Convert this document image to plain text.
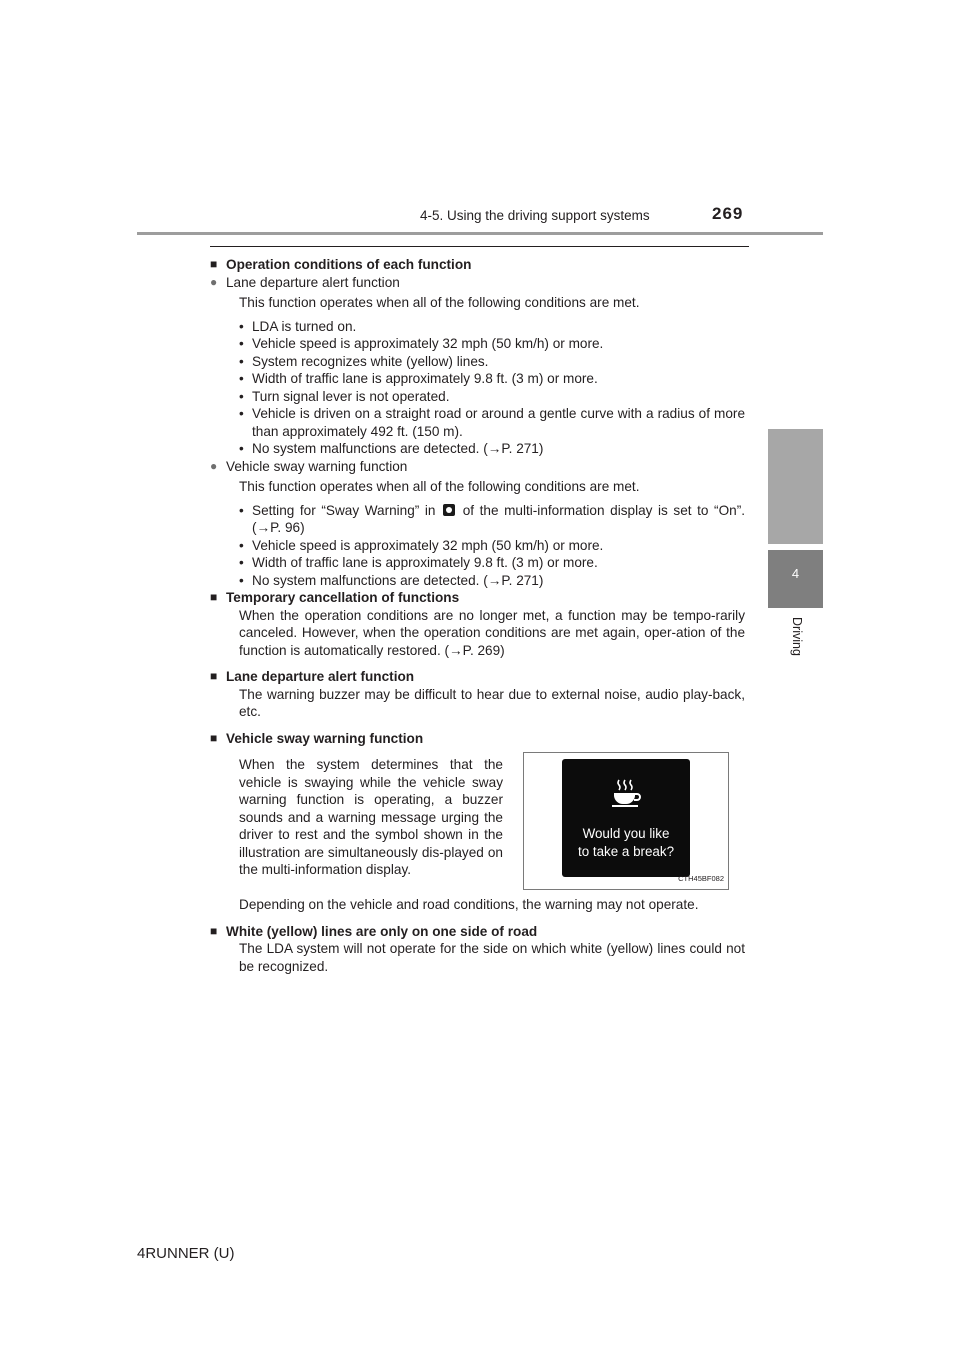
4-5. Using the driving support systems	269
4
Driving
■ Operation conditions of each function
● Lane departure alert function
This function operates when all of the following conditions are met.
• LDA is turned on.
• Vehicle speed is approximately 32 mph (50 km/h) or more.
• System recognizes white (yellow) lines.
• Width of traffic lane is approximately 9.8 ft. (3 m) or more.
• Turn signal lever is not operated.
• Vehicle is driven on a straight road or around a gentle curve with a radius of more than approximately 492 ft. (150 m).
• No system malfunctions are detected. (→P. 271)
● Vehicle sway warning function
This function operates when all of the following conditions are met.
• Setting for “Sway Warning” in of the multi-information display is set to “On”. (→P. 96)
• Vehicle speed is approximately 32 mph (50 km/h) or more.
• Width of traffic lane is approximately 9.8 ft. (3 m) or more.
• No system malfunctions are detected. (→P. 271)
■ Temporary cancellation of functions
When the operation conditions are no longer met, a function may be tempo-rarily canceled. However, when the operation conditions are met again, oper-ation of the function is automatically restored. (→P. 269)
■ Lane departure alert function
The warning buzzer may be difficult to hear due to external noise, audio play-back, etc.
■ Vehicle sway warning function
When the system determines that the vehicle is swaying while the vehicle sway warning function is operating, a buzzer sounds and a warning message urging the driver to rest and the symbol shown in the illustration are simultaneously dis-played on the multi-information display.
Would you like
to take a break?
CTH45BF082
Depending on the vehicle and road conditions, the warning may not operate.
■ White (yellow) lines are only on one side of road
The LDA system will not operate for the side on which white (yellow) lines could not be recognized.
4RUNNER (U)
